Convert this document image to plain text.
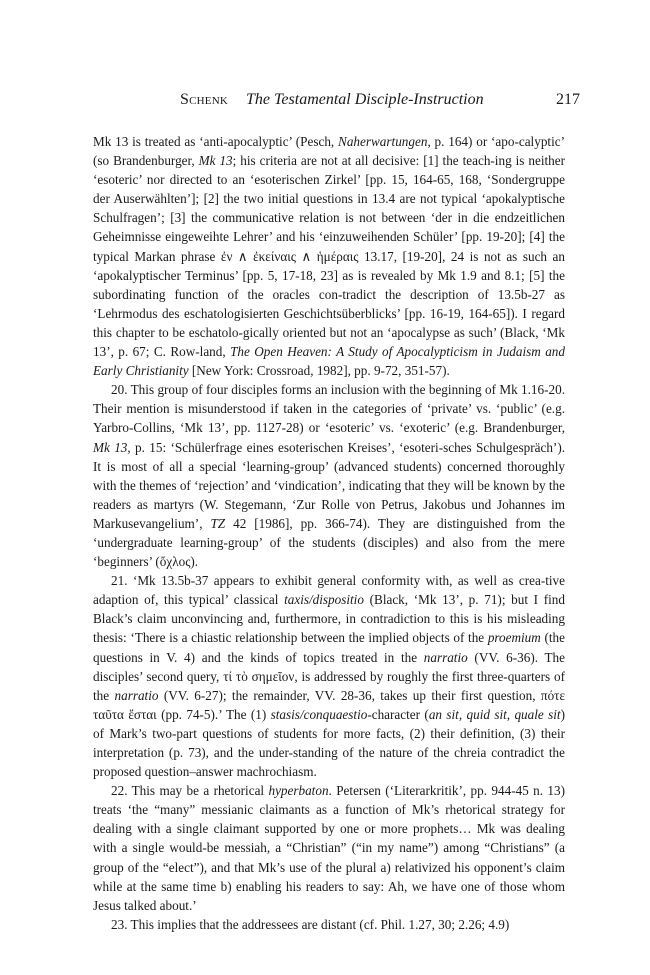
Schenk The Testamental Disciple-Instruction	217

Mk 13 is treated as ‘anti-apocalyptic’ (Pesch, Naherwartungen, p. 164) or ‘apo-calyptic’ (so Brandenburger, Mk 13; his criteria are not at all decisive: [1] the teach-ing is neither ‘esoteric’ nor directed to an ‘esoterischen Zirkel’ [pp. 15, 164-65, 168, ‘Sondergruppe der Auserwählten’]; [2] the two initial questions in 13.4 are not typical ‘apokalyptische Schulfragen’; [3] the communicative relation is not between ‘der in die endzeitlichen Geheimnisse eingeweihte Lehrer’ and his ‘einzuweihenden Schüler’ [pp. 19-20]; [4] the typical Markan phrase ἐν ∧ ἐκείναις ∧ ἡμέραις 13.17, [19-20], 24 is not as such an ‘apokalyptischer Terminus’ [pp. 5, 17-18, 23] as is revealed by Mk 1.9 and 8.1; [5] the subordinating function of the oracles con-tradict the description of 13.5b-27 as ‘Lehrmodus des eschatologisierten Geschichtsüberblicks’ [pp. 16-19, 164-65]). I regard this chapter to be eschatolo-gically oriented but not an ‘apocalypse as such’ (Black, ‘Mk 13’, p. 67; C. Row-land, The Open Heaven: A Study of Apocalypticism in Judaism and Early Christianity [New York: Crossroad, 1982], pp. 9-72, 351-57).

20. This group of four disciples forms an inclusion with the beginning of Mk 1.16-20. Their mention is misunderstood if taken in the categories of ‘private’ vs. ‘public’ (e.g. Yarbro-Collins, ‘Mk 13’, pp. 1127-28) or ‘esoteric’ vs. ‘exoteric’ (e.g. Brandenburger, Mk 13, p. 15: ‘Schülerfrage eines esoterischen Kreises’, ‘esoteri-sches Schulgespräch’). It is most of all a special ‘learning-group’ (advanced students) concerned thoroughly with the themes of ‘rejection’ and ‘vindication’, indicating that they will be known by the readers as martyrs (W. Stegemann, ‘Zur Rolle von Petrus, Jakobus und Johannes im Markusevangelium’, TZ 42 [1986], pp. 366-74). They are distinguished from the ‘undergraduate learning-group’ of the students (disciples) and also from the mere ‘beginners’ (ὄχλος).

21. ‘Mk 13.5b-37 appears to exhibit general conformity with, as well as crea-tive adaption of, this typical’ classical taxis/dispositio (Black, ‘Mk 13’, p. 71); but I find Black’s claim unconvincing and, furthermore, in contradiction to this is his misleading thesis: ‘There is a chiastic relationship between the implied objects of the proemium (the questions in V. 4) and the kinds of topics treated in the narratio (VV. 6-36). The disciples’ second query, τί τὸ σημεῖον, is addressed by roughly the first three-quarters of the narratio (VV. 6-27); the remainder, VV. 28-36, takes up their first question, πότε ταῦτα ἔσται (pp. 74-5).’ The (1) stasis/conquaestio-character (an sit, quid sit, quale sit) of Mark’s two-part questions of students for more facts, (2) their definition, (3) their interpretation (p. 73), and the under-standing of the nature of the chreia contradict the proposed question–answer machrochiasm.

22. This may be a rhetorical hyperbaton. Petersen (‘Literarkritik’, pp. 944-45 n. 13) treats ‘the “many” messianic claimants as a function of Mk’s rhetorical strategy for dealing with a single claimant supported by one or more prophets… Mk was dealing with a single would-be messiah, a “Christian” (“in my name”) among “Christians” (a group of the “elect”), and that Mk’s use of the plural a) relativized his opponent’s claim while at the same time b) enabling his readers to say: Ah, we have one of those whom Jesus talked about.’

23. This implies that the addressees are distant (cf. Phil. 1.27, 30; 2.26; 4.9)
